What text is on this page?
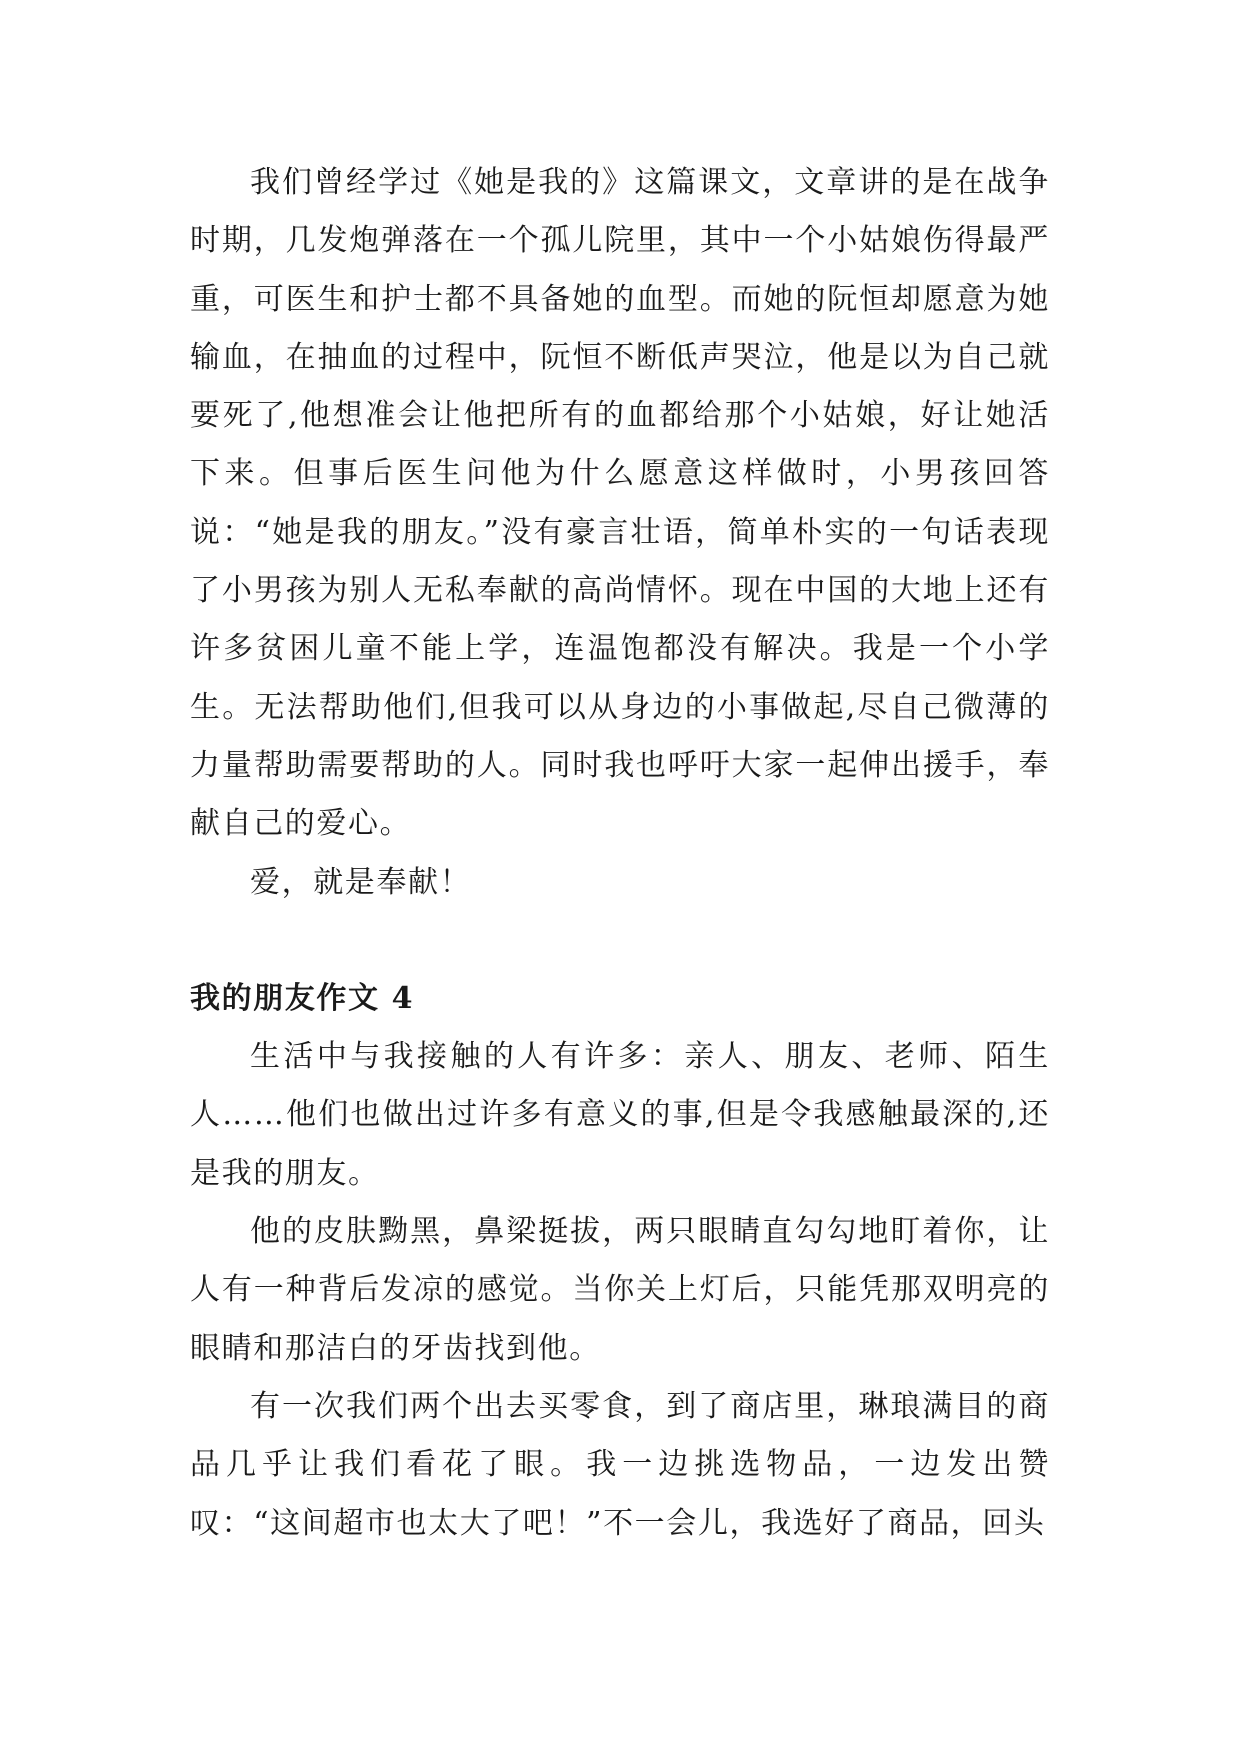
我们曾经学过《她是我的》这篇课文，文章讲的是在战争时期，几发炮弹落在一个孤儿院里，其中一个小姑娘伤得最严重，可医生和护士都不具备她的血型。而她的阮恒却愿意为她输血，在抽血的过程中，阮恒不断低声哭泣，他是以为自己就要死了,他想准会让他把所有的血都给那个小姑娘，好让她活下来。但事后医生问他为什么愿意这样做时，小男孩回答说：“她是我的朋友。”没有豪言壮语，简单朴实的一句话表现了小男孩为别人无私奉献的高尚情怀。现在中国的大地上还有许多贫困儿童不能上学，连温饱都没有解决。我是一个小学生。无法帮助他们,但我可以从身边的小事做起,尽自己微薄的力量帮助需要帮助的人。同时我也呼吁大家一起伸出援手，奉献自己的爱心。

爱，就是奉献！

我的朋友作文 4

生活中与我接触的人有许多：亲人、朋友、老师、陌生人……他们也做出过许多有意义的事,但是令我感触最深的,还是我的朋友。

他的皮肤黝黑，鼻梁挺拔，两只眼睛直勾勾地盯着你，让人有一种背后发凉的感觉。当你关上灯后，只能凭那双明亮的眼睛和那洁白的牙齿找到他。

有一次我们两个出去买零食，到了商店里，琳琅满目的商品几乎让我们看花了眼。我一边挑选物品，一边发出赞叹：“这间超市也太大了吧！”不一会儿，我选好了商品，回头
